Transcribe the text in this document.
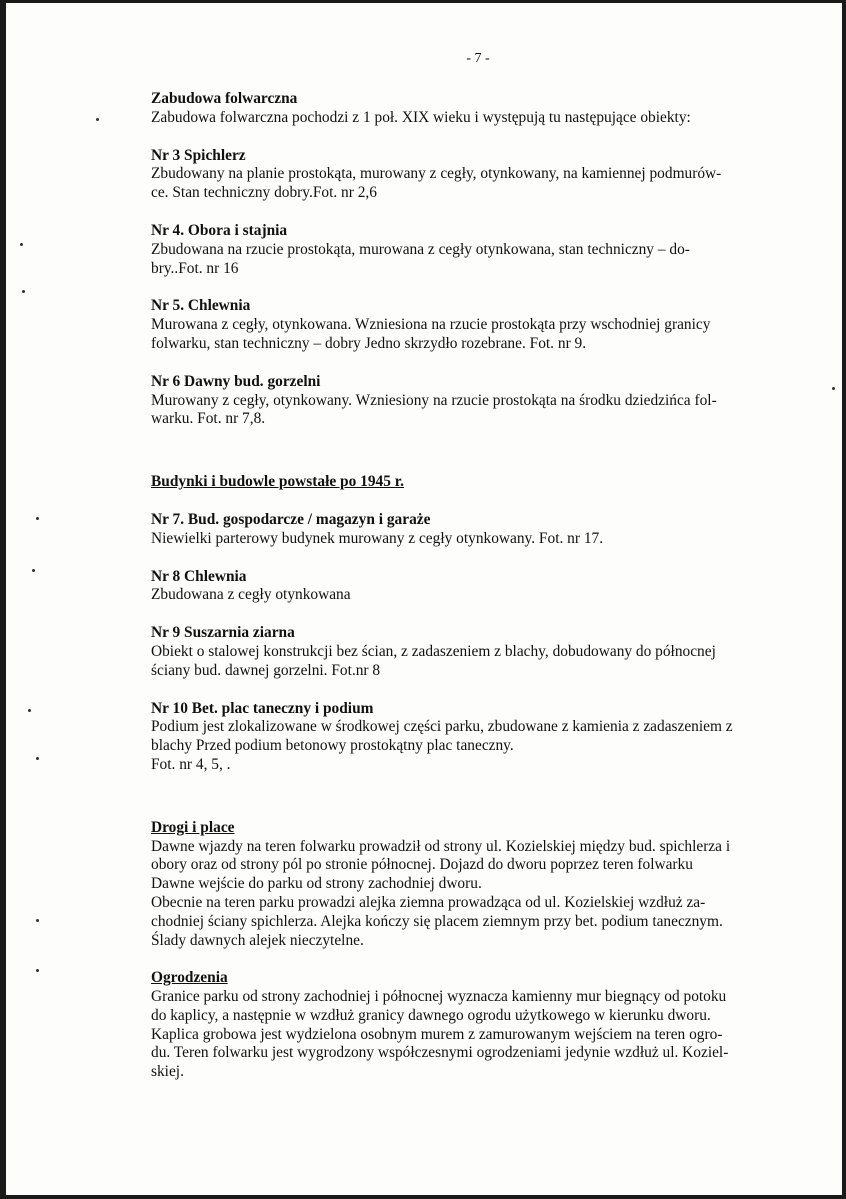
- 7 -
Zabudowa folwarczna
Zabudowa folwarczna pochodzi z 1 poł. XIX wieku i występują tu następujące obiekty:
Nr 3 Spichlerz
Zbudowany na planie prostokąta, murowany z cegły, otynkowany, na kamiennej podmurów-
ce. Stan techniczny dobry.Fot. nr 2,6
Nr 4. Obora i stajnia
Zbudowana na rzucie prostokąta, murowana z cegły otynkowana, stan techniczny – do-
bry..Fot. nr 16
Nr 5. Chlewnia
Murowana z cegły, otynkowana. Wzniesiona na rzucie prostokąta przy wschodniej granicy
folwarku, stan techniczny – dobry Jedno skrzydło rozebrane. Fot. nr 9.
Nr 6 Dawny bud. gorzelni
Murowany z cegły, otynkowany. Wzniesiony na rzucie prostokąta na środku dziedzińca fol-
warku. Fot. nr 7,8.
Budynki i budowle powstałe po 1945 r.
Nr 7. Bud. gospodarcze / magazyn i garaże
Niewielki parterowy budynek murowany z cegły otynkowany. Fot. nr 17.
Nr 8 Chlewnia
Zbudowana z cegły otynkowana
Nr 9 Suszarnia ziarna
Obiekt o stalowej konstrukcji bez ścian, z zadaszeniem z blachy, dobudowany do północnej
ściany bud. dawnej gorzelni. Fot.nr 8
Nr 10 Bet. plac taneczny i podium
Podium jest zlokalizowane w środkowej części parku, zbudowane z kamienia z zadaszeniem z
blachy Przed podium betonowy prostokątny plac taneczny.
Fot. nr 4, 5, .
Drogi i place
Dawne wjazdy na teren folwarku prowadził od strony ul. Kozielskiej między bud. spichlerza i
obory oraz od strony pól po stronie północnej. Dojazd do dworu poprzez teren folwarku
Dawne wejście do parku od strony zachodniej dworu.
Obecnie na teren parku prowadzi alejka ziemna prowadząca od ul. Kozielskiej wzdłuż za-
chodniej ściany spichlerza. Alejka kończy się placem ziemnym przy bet. podium tanecznym.
Ślady dawnych alejek nieczytelne.
Ogrodzenia
Granice parku od strony zachodniej i północnej wyznacza kamienny mur biegnący od potoku
do kaplicy, a następnie w wzdłuż granicy dawnego ogrodu użytkowego w kierunku dworu.
Kaplica grobowa jest wydzielona osobnym murem z zamurowanym wejściem na teren ogro-
du. Teren folwarku jest wygrodzony współczesnymi ogrodzeniami jedynie wzdłuż ul. Koziel-
skiej.
